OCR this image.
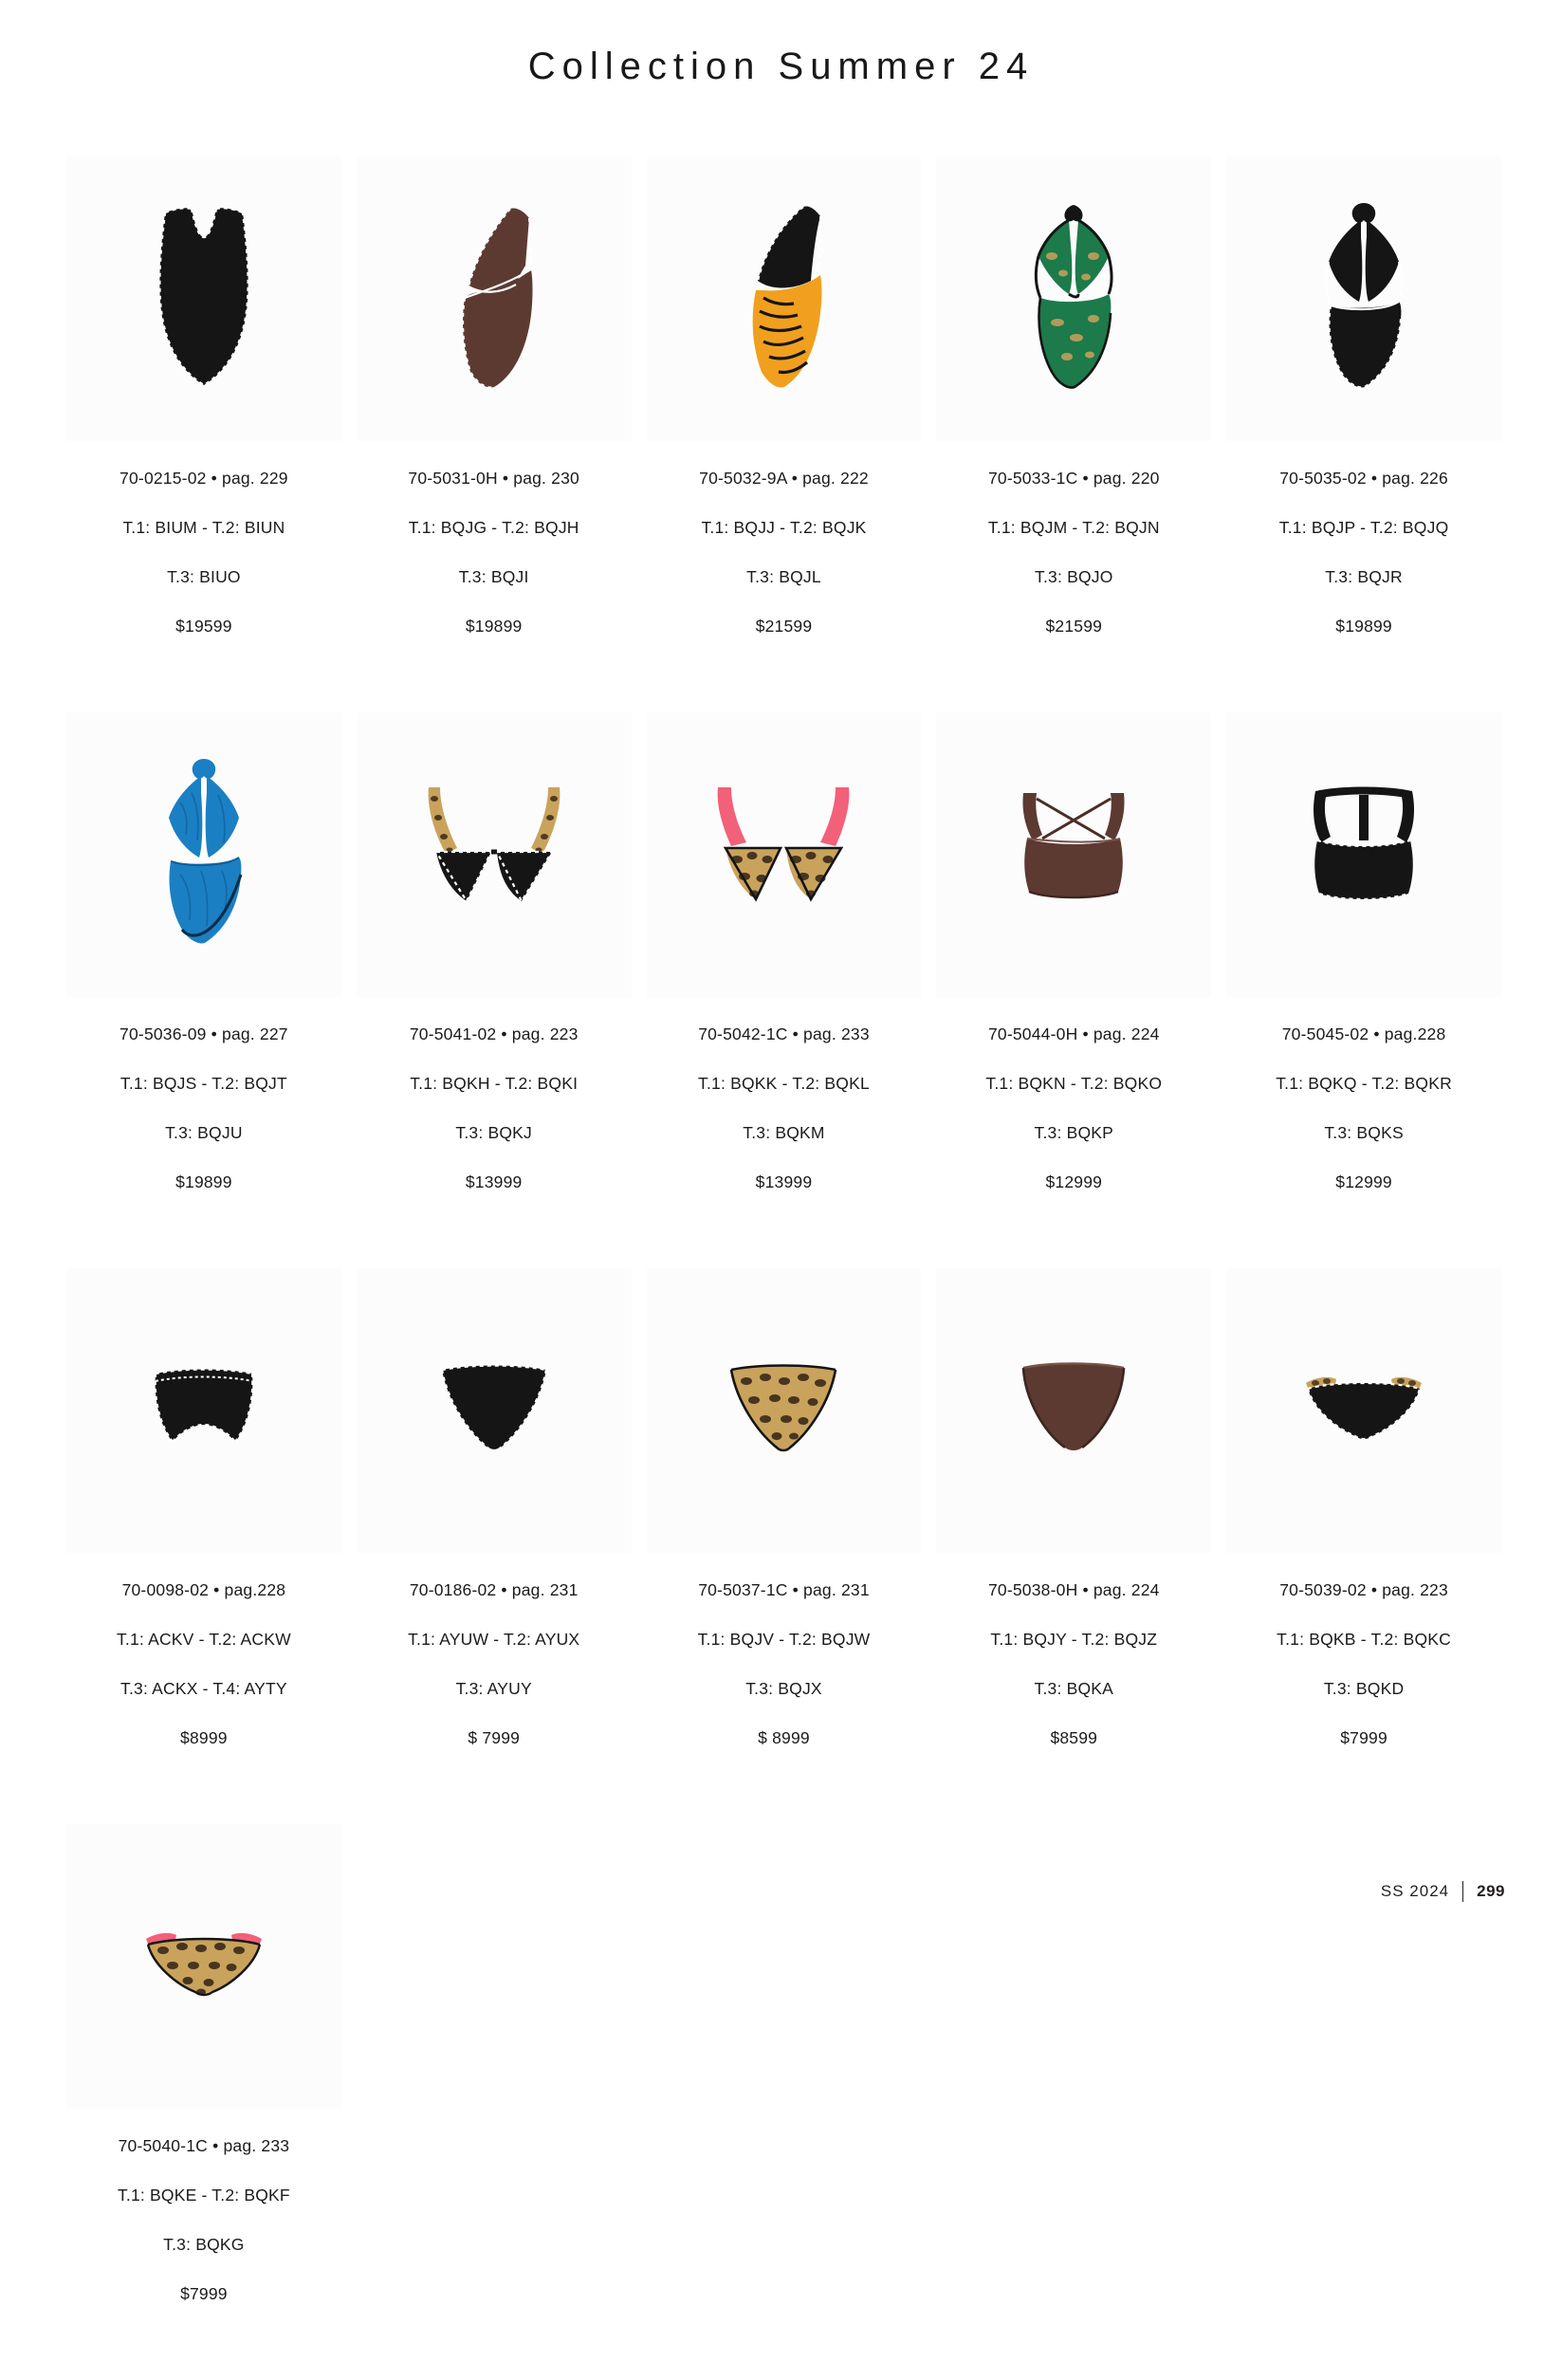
Collection Summer 24

70-0215-02 • pag. 229

T.1: BIUM - T.2: BIUN

T.3: BIUO

$19599

70-5031-0H • pag. 230

T.1: BQJG - T.2: BQJH

T.3: BQJI

$19899

70-5032-9A • pag. 222

T.1: BQJJ - T.2: BQJK

T.3: BQJL

$21599

70-5033-1C • pag. 220

T.1: BQJM - T.2: BQJN

T.3: BQJO

$21599

70-5035-02 • pag. 226

T.1: BQJP - T.2: BQJQ

T.3: BQJR

$19899

70-5036-09 • pag. 227

T.1: BQJS - T.2: BQJT

T.3: BQJU

$19899

70-5041-02 • pag. 223

T.1: BQKH - T.2: BQKI

T.3: BQKJ

$13999

70-5042-1C • pag. 233

T.1: BQKK - T.2: BQKL

T.3: BQKM

$13999

70-5044-0H • pag. 224

T.1: BQKN - T.2: BQKO

T.3: BQKP

$12999

70-5045-02 • pag.228

T.1: BQKQ - T.2: BQKR

T.3: BQKS

$12999

70-0098-02 • pag.228

T.1: ACKV - T.2: ACKW

T.3: ACKX - T.4: AYTY

$8999

70-0186-02 • pag. 231

T.1: AYUW - T.2: AYUX

T.3: AYUY

$ 7999

70-5037-1C • pag. 231

T.1: BQJV - T.2: BQJW

T.3: BQJX

$ 8999

70-5038-0H • pag. 224

T.1: BQJY - T.2: BQJZ

T.3: BQKA

$8599

70-5039-02 • pag. 223

T.1: BQKB - T.2: BQKC

T.3: BQKD

$7999

70-5040-1C • pag. 233

T.1: BQKE - T.2: BQKF

T.3: BQKG

$7999

SS 2024 299
